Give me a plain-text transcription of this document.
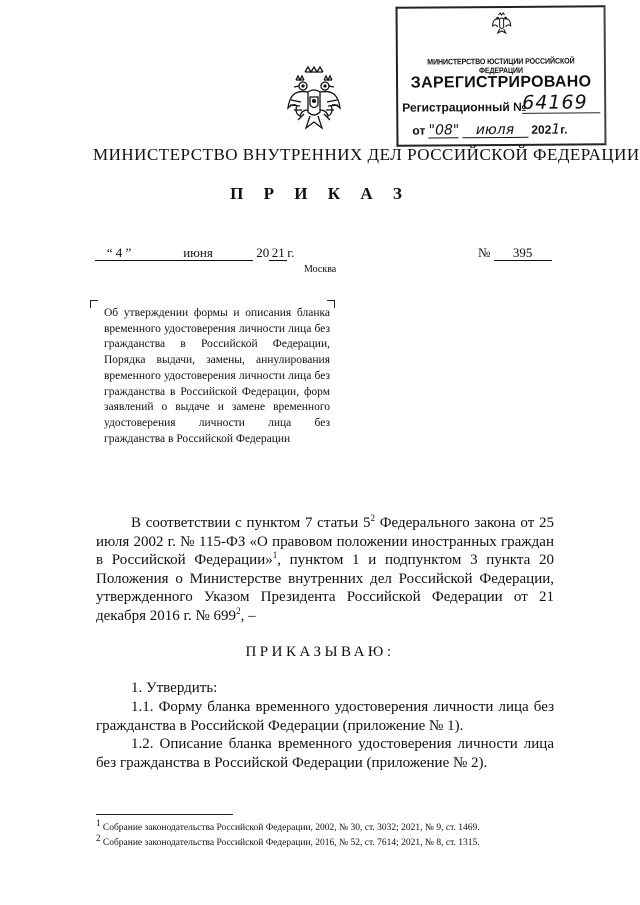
МИНИСТЕРСТВО ЮСТИЦИИ РОССИЙСКОЙ ФЕДЕРАЦИИ
ЗАРЕГИСТРИРОВАНО
Регистрационный №
64169
от "08" июля 2021г.
МИНИСТЕРСТВО ВНУТРЕННИХ ДЕЛ РОССИЙСКОЙ ФЕДЕРАЦИИ
П Р И К А З
“ 4 ”	июня	20 21 г.	№ 395
Москва
Об утверждении формы и описания бланка временного удостоверения личности лица без гражданства в Российской Федерации, Порядка выдачи, замены, аннулирования временного удостоверения личности лица без гражданства в Российской Федерации, форм заявлений о выдаче и замене временного удостоверения личности лица без гражданства в Российской Федерации
В соответствии с пунктом 7 статьи $5^2$ Федерального закона от 25 июля 2002 г. № 115-ФЗ «О правовом положении иностранных граждан в Российской Федерации»$^1$, пунктом 1 и подпунктом 3 пункта 20 Положения о Министерстве внутренних дел Российской Федерации, утвержденного Указом Президента Российской Федерации от 21 декабря 2016 г. № $699^2$, –
ПРИКАЗЫВАЮ:
1. Утвердить:
1.1. Форму бланка временного удостоверения личности лица без гражданства в Российской Федерации (приложение № 1).
1.2. Описание бланка временного удостоверения личности лица без гражданства в Российской Федерации (приложение № 2).
$^1$ Собрание законодательства Российской Федерации, 2002, № 30, ст. 3032; 2021, № 9, ст. 1469.
$^2$ Собрание законодательства Российской Федерации, 2016, № 52, ст. 7614; 2021, № 8, ст. 1315.
